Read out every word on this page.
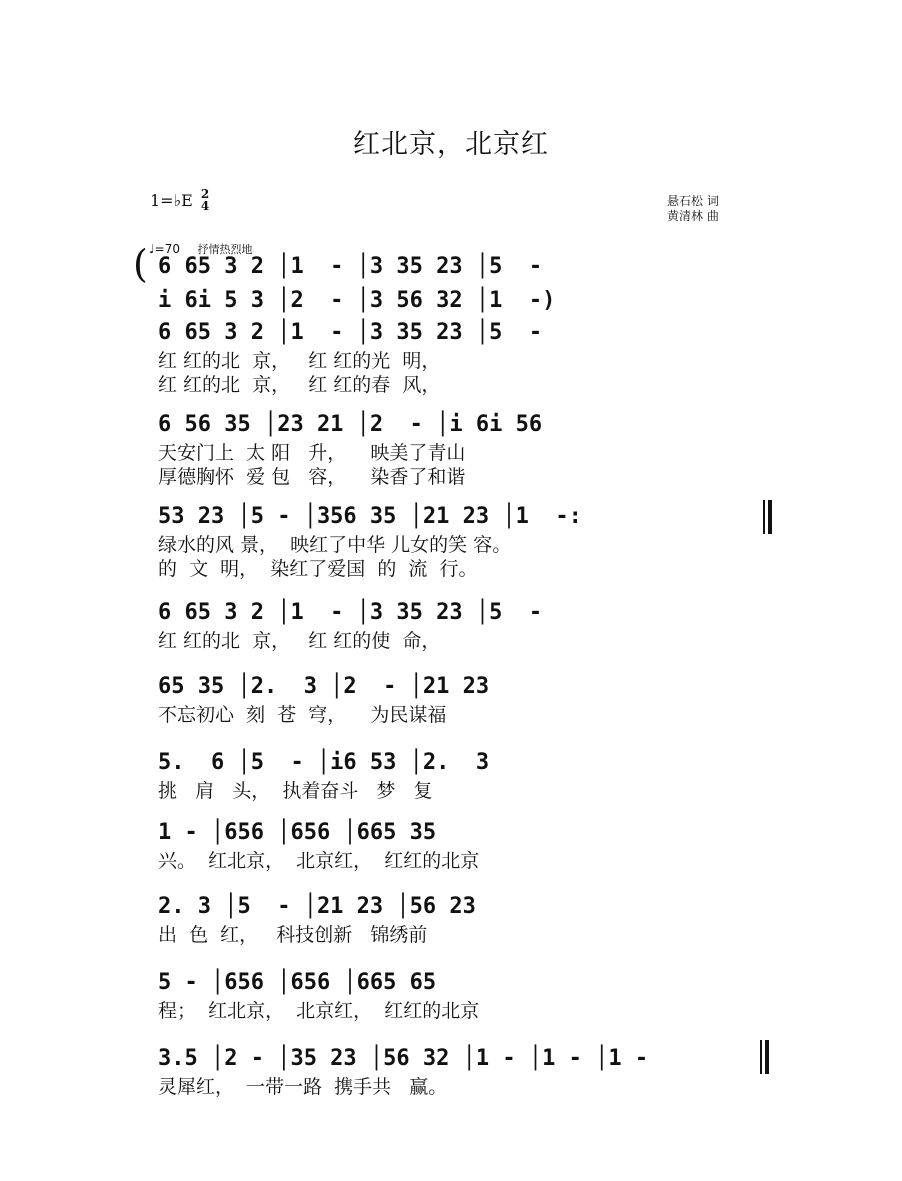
红北京，北京红
1=♭E 2
4	悬石松 词
黄清林 曲
♩=70 抒情热烈地
( 6 65 3 2 │1  - │3 35 23 │5  -
i 6i 5 3 │2  - │3 56 32 │1  -)
6 65 3 2 │1  - │3 35 23 │5  -
红 红的北  京，   红 红的光  明，
红 红的北  京，   红 红的春  风，
6 56 35 │23 21 │2  - │i 6i 56
天安门上  太 阳   升，    映美了青山
厚德胸怀  爱 包   容，    染香了和谐
53 23 │5 - │356 35 │21 23 │1  -:
绿水的风 景，  映红了中华 儿女的笑 容。
的  文  明，  染红了爱国  的  流  行。
6 65 3 2 │1  - │3 35 23 │5  -
红 红的北  京，   红 红的使  命，
65 35 │2.  3 │2  - │21 23
不忘初心  刻  苍  穹，    为民谋福
5.  6 │5  - │i6 53 │2.  3
挑   肩   头，  执着奋斗   梦   复
1 - │656 │656 │665 35
兴。  红北京，  北京红，  红红的北京
2. 3 │5  - │21 23 │56 23
出  色  红，   科技创新   锦绣前
5 - │656 │656 │665 65
程；  红北京，  北京红，  红红的北京
3.5 │2 - │35 23 │56 32 │1 - │1 - │1 -
灵犀红，  一带一路  携手共   赢。
